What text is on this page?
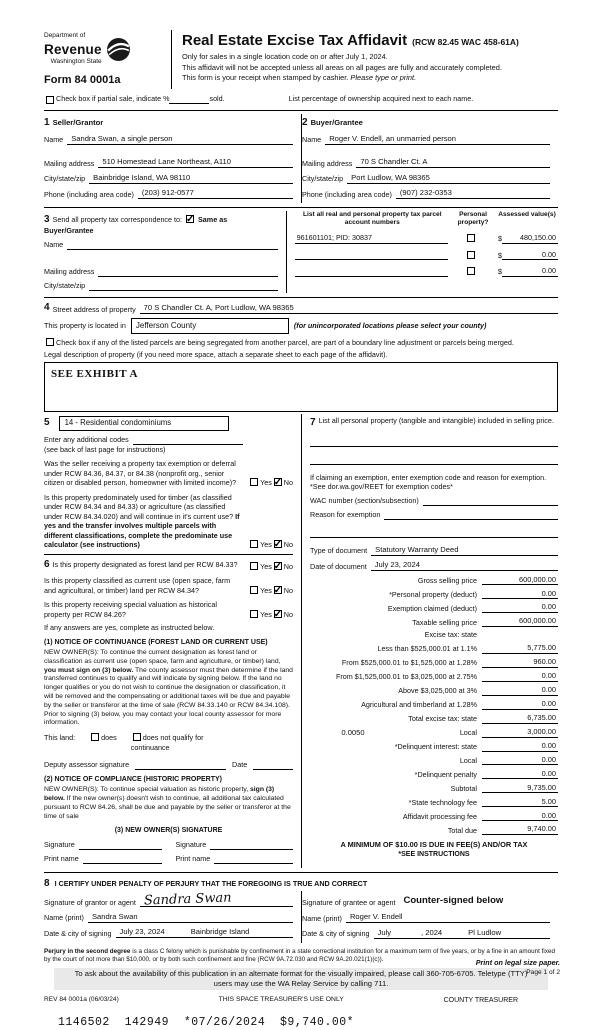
Department of
Revenue
Washington State
Form 84 0001a
Real Estate Excise Tax Affidavit (RCW 82.45 WAC 458-61A)
Only for sales in a single location code on or after July 1, 2024.
This affidavit will not be accepted unless all areas on all pages are fully and accurately completed.
This form is your receipt when stamped by cashier. Please type or print.
Check box if partial sale, indicate %	sold.	List percentage of ownership acquired next to each name.
1 Seller/Grantor
Name	Sandra Swan, a single person
Mailing address	510 Homestead Lane Northeast, A110
City/state/zip	Bainbridge Island, WA 98110
Phone (including area code)	(203) 912-0577
2 Buyer/Grantee
Name	Roger V. Endell, an unmarried person
Mailing address	70 S Chandler Ct. A
City/state/zip	Port Ludlow, WA 98365
Phone (including area code)	(907) 232-0353
3 Send all property tax correspondence to: ✓ Same as Buyer/Grantee
Name
Mailing address
City/state/zip
List all real and personal property tax parcel account numbers
Personal property?
Assessed value(s)
961601101; PID: 30837	$	480,150.00
$	0.00
$	0.00
4 Street address of property	70 S Chandler Ct. A, Port Ludlow, WA 98365
This property is located in	Jefferson County	(for unincorporated locations please select your county)
Check box if any of the listed parcels are being segregated from another parcel, are part of a boundary line adjustment or parcels being merged.
Legal description of property (if you need more space, attach a separate sheet to each page of the affidavit).
SEE EXHIBIT A
5 14 - Residential condominiums
Enter any additional codes
(see back of last page for instructions)
Was the seller receiving a property tax exemption or deferral under RCW 84.36, 84.37, or 84.38 (nonprofit org., senior citizen or disabled person, homeowner with limited income)?	Yes ✓ No
Is this property predominately used for timber (as classified under RCW 84.34 and 84.33) or agriculture (as classified under RCW 84.34.020) and will continue in it's current use? If yes and the transfer involves multiple parcels with different classifications, complete the predominate use calculator (see instructions)	Yes ✓ No
6 Is this property designated as forest land per RCW 84.33?	Yes ✓ No
Is this property classified as current use (open space, farm and agricultural, or timber) land per RCW 84.34?	Yes ✓ No
Is this property receiving special valuation as historical property per RCW 84.26?	Yes ✓ No
If any answers are yes, complete as instructed below.
(1) NOTICE OF CONTINUANCE (FOREST LAND OR CURRENT USE)
NEW OWNER(S): To continue the current designation as forest land or classification as current use (open space, farm and agriculture, or timber) land, you must sign on (3) below. The county assessor must then determine if the land transferred continues to qualify and will indicate by signing below. If the land no longer qualifies or you do not wish to continue the designation or classification, it will be removed and the compensating or additional taxes will be due and payable by the seller or transferor at the time of sale (RCW 84.33.140 or RCW 84.34.108). Prior to signing (3) below, you may contact your local county assessor for more information.
This land:	does	does not qualify for continuance
Deputy assessor signature	Date
(2) NOTICE OF COMPLIANCE (HISTORIC PROPERTY)
NEW OWNER(S): To continue special valuation as historic property, sign (3) below. If the new owner(s) doesn't wish to continue, all additional tax calculated pursuant to RCW 84.26, shall be due and payable by the seller or transferor at the time of sale
(3) NEW OWNER(S) SIGNATURE
Signature	Signature
Print name	Print name
7 List all personal property (tangible and intangible) included in selling price.
If claiming an exemption, enter exemption code and reason for exemption. *See dor.wa.gov/REET for exemption codes*
WAC number (section/subsection)
Reason for exemption
Type of document	Statutory Warranty Deed
Date of document	July 23, 2024
Gross selling price	600,000.00
*Personal property (deduct)	0.00
Exemption claimed (deduct)	0.00
Taxable selling price	600,000.00
Excise tax: state
Less than $525,000.01 at 1.1%	5,775.00
From $525,000.01 to $1,525,000 at 1.28%	960.00
From $1,525,000.01 to $3,025,000 at 2.75%	0.00
Above $3,025,000 at 3%	0.00
Agricultural and timberland at 1.28%	0.00
Total excise tax: state	6,735.00
0.0050	Local	3,000.00
*Delinquent interest: state	0.00
Local	0.00
*Delinquent penalty	0.00
Subtotal	9,735.00
*State technology fee	5.00
Affidavit processing fee	0.00
Total due	9,740.00
A MINIMUM OF $10.00 IS DUE IN FEE(S) AND/OR TAX
*SEE INSTRUCTIONS
8 I CERTIFY UNDER PENALTY OF PERJURY THAT THE FOREGOING IS TRUE AND CORRECT
Signature of grantor or agent Sandra Swan
Name (print)	Sandra Swan
Date & city of signing	July 23, 2024	Bainbridge Island
Signature of grantee or agent Counter-signed below
Name (print)	Roger V. Endell
Date & city of signing	July	, 2024	Pl Ludlow
Perjury in the second degree is a class C felony which is punishable by confinement in a state correctional institution for a maximum term of five years, or by a fine in an amount fixed by the court of not more than $10,000, or by both such confinement and fine (RCW 9A.72.030 and RCW 9A.20.021(1)(c)).
To ask about the availability of this publication in an alternate format for the visually impaired, please call 360-705-6705. Teletype (TTY) users may use the WA Relay Service by calling 711.
REV 84 0001a (06/03/24)	THIS SPACE TREASURER'S USE ONLY	COUNTY TREASURER
1146502  142949  *07/26/2024  $9,740.00*
Print on legal size paper.
Page 1 of 2
